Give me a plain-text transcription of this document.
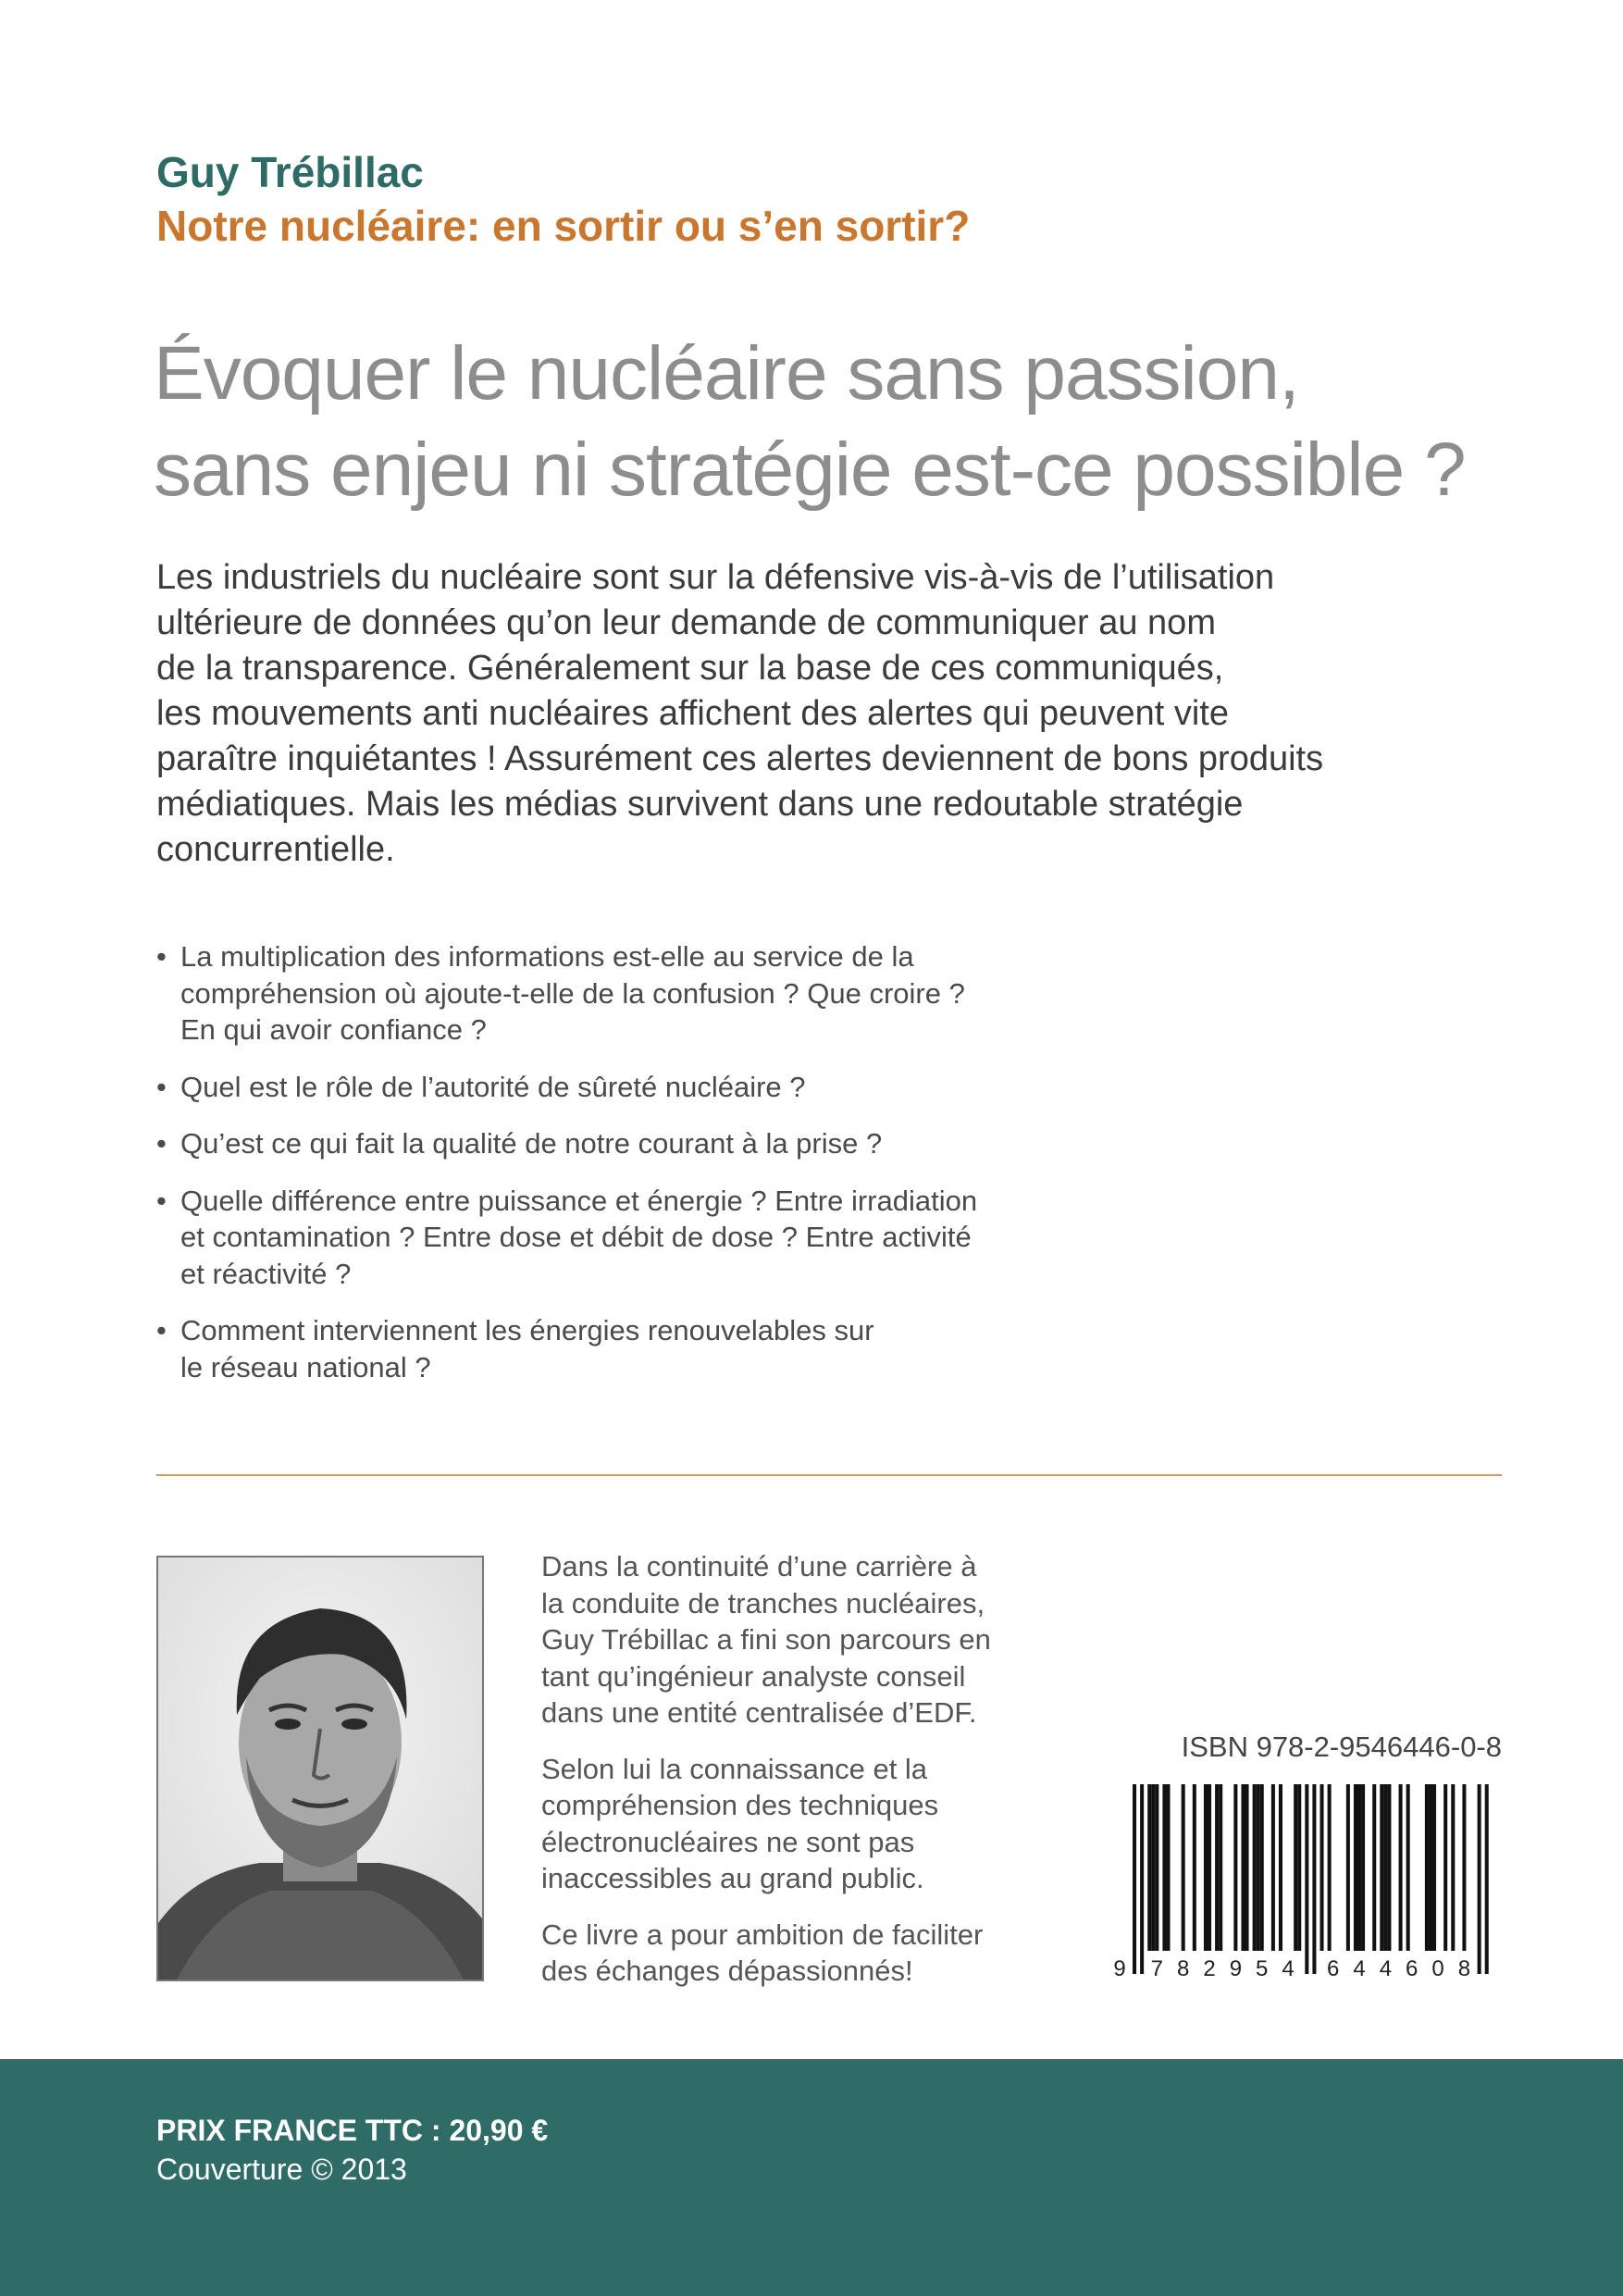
Guy Trébillac
Notre nucléaire: en sortir ou s’en sortir?
Évoquer le nucléaire sans passion,
sans enjeu ni stratégie est-ce possible ?
Les industriels du nucléaire sont sur la défensive vis-à-vis de l’utilisation
ultérieure de données qu’on leur demande de communiquer au nom
de la transparence. Généralement sur la base de ces communiqués,
les mouvements anti nucléaires affichent des alertes qui peuvent vite
paraître inquiétantes ! Assurément ces alertes deviennent de bons produits
médiatiques. Mais les médias survivent dans une redoutable stratégie
concurrentielle.
• La multiplication des informations est-elle au service de la
compréhension où ajoute-t-elle de la confusion ? Que croire ?
En qui avoir confiance ?
• Quel est le rôle de l’autorité de sûreté nucléaire ?
• Qu’est ce qui fait la qualité de notre courant à la prise ?
• Quelle différence entre puissance et énergie ? Entre irradiation
et contamination ? Entre dose et débit de dose ? Entre activité
et réactivité ?
• Comment interviennent les énergies renouvelables sur
le réseau national ?
Dans la continuité d’une carrière à
la conduite de tranches nucléaires,
Guy Trébillac a fini son parcours en
tant qu’ingénieur analyste conseil
dans une entité centralisée d’EDF.
Selon lui la connaissance et la
compréhension des techniques
électronucléaires ne sont pas
inaccessibles au grand public.
Ce livre a pour ambition de faciliter
des échanges dépassionnés!
ISBN 978-2-9546446-0-8
9 7 8 2 9 5 4 6 4 4 6 0 8
PRIX FRANCE TTC : 20,90 €
Couverture © 2013
